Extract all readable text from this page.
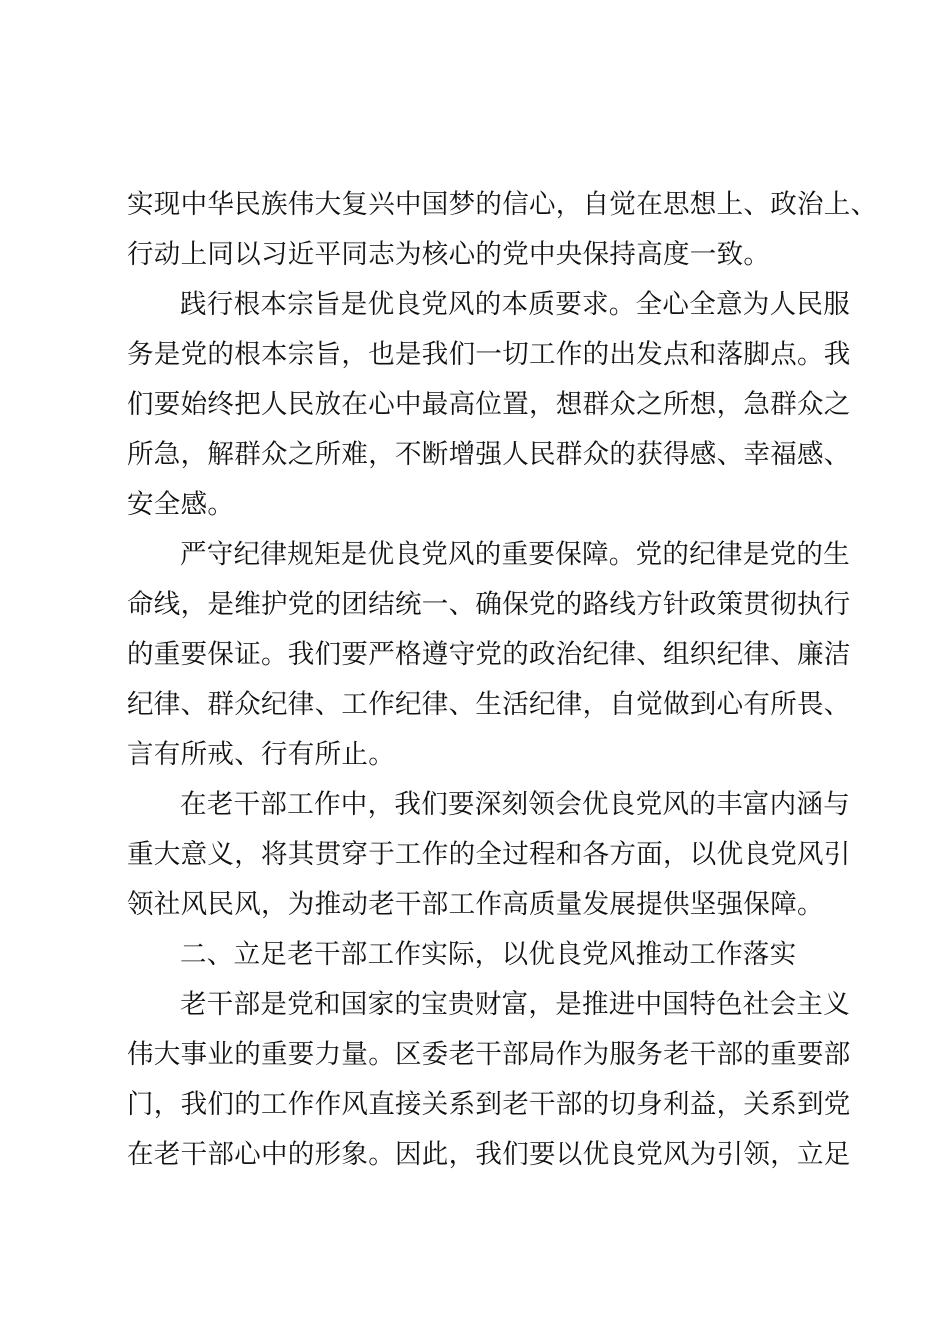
实现中华民族伟大复兴中国梦的信心，自觉在思想上、政治上、
行动上同以习近平同志为核心的党中央保持高度一致。
践行根本宗旨是优良党风的本质要求。全心全意为人民服
务是党的根本宗旨，也是我们一切工作的出发点和落脚点。我
们要始终把人民放在心中最高位置，想群众之所想，急群众之
所急，解群众之所难，不断增强人民群众的获得感、幸福感、
安全感。
严守纪律规矩是优良党风的重要保障。党的纪律是党的生
命线，是维护党的团结统一、确保党的路线方针政策贯彻执行
的重要保证。我们要严格遵守党的政治纪律、组织纪律、廉洁
纪律、群众纪律、工作纪律、生活纪律，自觉做到心有所畏、
言有所戒、行有所止。
在老干部工作中，我们要深刻领会优良党风的丰富内涵与
重大意义，将其贯穿于工作的全过程和各方面，以优良党风引
领社风民风，为推动老干部工作高质量发展提供坚强保障。
二、立足老干部工作实际，以优良党风推动工作落实
老干部是党和国家的宝贵财富，是推进中国特色社会主义
伟大事业的重要力量。区委老干部局作为服务老干部的重要部
门，我们的工作作风直接关系到老干部的切身利益，关系到党
在老干部心中的形象。因此，我们要以优良党风为引领，立足
